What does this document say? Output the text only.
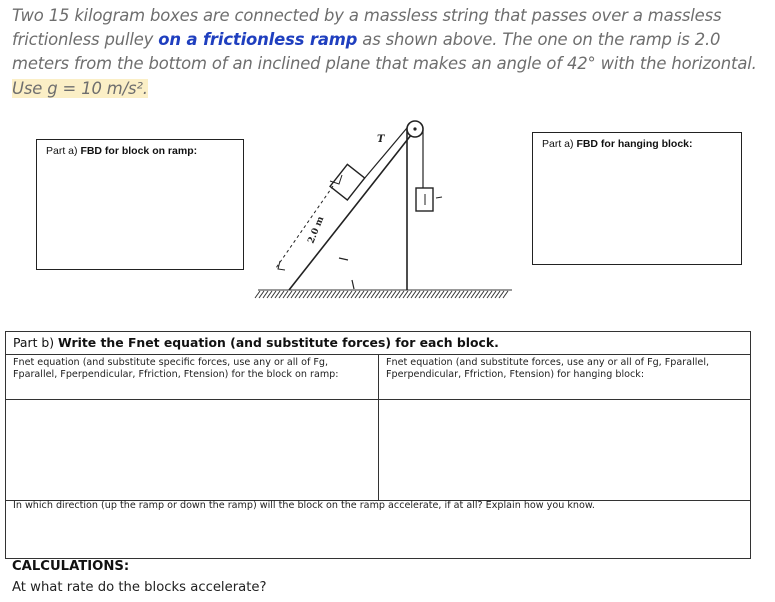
Two 15 kilogram boxes are connected by a massless string that passes over a massless frictionless pulley on a frictionless ramp as shown above. The one on the ramp is 2.0 meters from the bottom of an inclined plane that makes an angle of 42° with the horizontal. Use g = 10 m/s².
Part a) FBD for block on ramp:
Part a) FBD for hanging block:
T
2.0 m
Part b) Write the Fnet equation (and substitute forces) for each block.
Fnet equation (and substitute specific forces, use any or all of Fg, Fparallel, Fperpendicular, Ffriction, Ftension) for the block on ramp:
Fnet equation (and substitute forces, use any or all of Fg, Fparallel, Fperpendicular, Ffriction, Ftension) for hanging block:
In which direction (up the ramp or down the ramp) will the block on the ramp accelerate, if at all? Explain how you know.
CALCULATIONS:
At what rate do the blocks accelerate?
